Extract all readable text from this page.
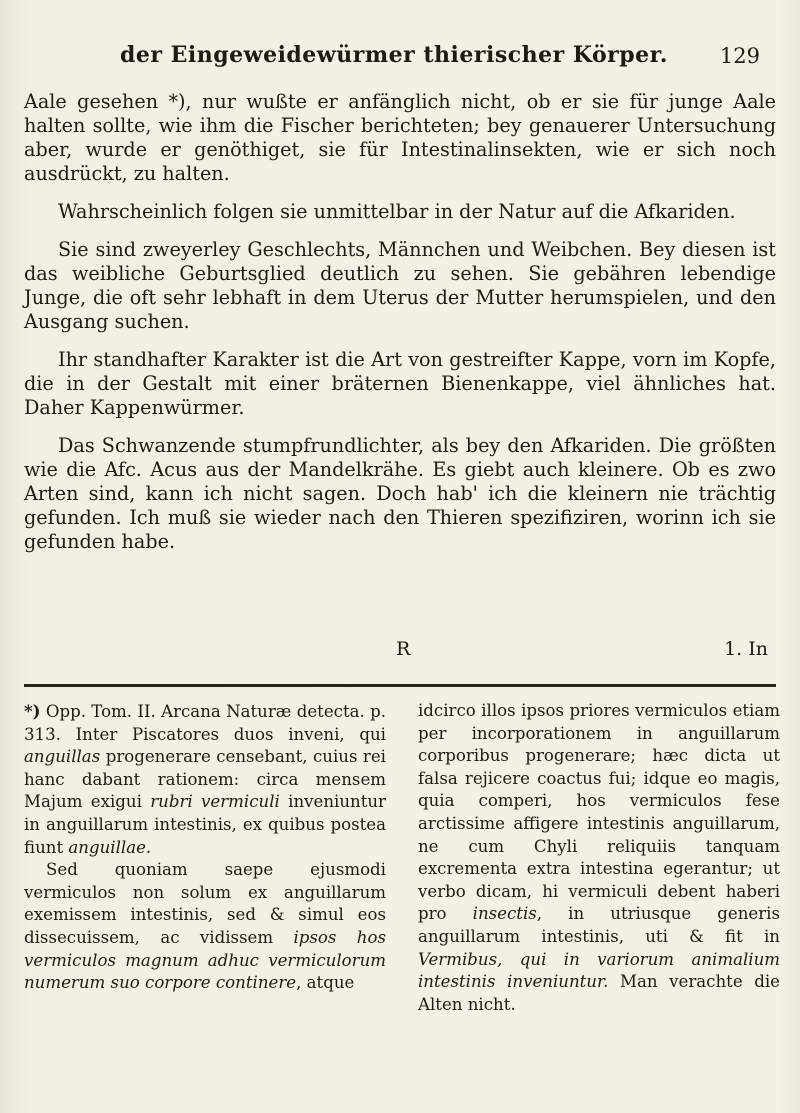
der Eingeweidewürmer thierischer Körper. 129

Aale gesehen *), nur wußte er anfänglich nicht, ob er sie für junge Aale halten sollte, wie ihm die Fischer berichteten; bey genauerer Untersuchung aber, wurde er genöthiget, sie für Intestinalinsekten, wie er sich noch ausdrückt, zu halten.

Wahrscheinlich folgen sie unmittelbar in der Natur auf die Afkariden.

Sie sind zweyerley Geschlechts, Männchen und Weibchen. Bey diesen ist das weibliche Geburtsglied deutlich zu sehen. Sie gebähren lebendige Junge, die oft sehr lebhaft in dem Uterus der Mutter herumspielen, und den Ausgang suchen.

Ihr standhafter Karakter ist die Art von gestreifter Kappe, vorn im Kopfe, die in der Gestalt mit einer bräternen Bienenkappe, viel ähnliches hat. Daher Kappenwürmer.

Das Schwanzende stumpfrundlichter, als bey den Afkariden. Die größten wie die Afc. Acus aus der Mandelkrähe. Es giebt auch kleinere. Ob es zwo Arten sind, kann ich nicht sagen. Doch hab' ich die kleinern nie trächtig gefunden. Ich muß sie wieder nach den Thieren spezifiziren, worinn ich sie gefunden habe.

R	1. In

*) Opp. Tom. II. Arcana Naturæ detecta. p. 313. Inter Piscatores duos inveni, qui anguillas progenerare censebant, cuius rei hanc dabant rationem: circa mensem Majum exigui rubri vermiculi inveniuntur in anguillarum intestinis, ex quibus postea fiunt anguillae.

Sed quoniam saepe ejusmodi vermiculos non solum ex anguillarum exemissem intestinis, sed & simul eos dissecuissem, ac vidissem ipsos hos vermiculos magnum adhuc vermiculorum numerum suo corpore continere, atque

idcirco illos ipsos priores vermiculos etiam per incorporationem in anguillarum corporibus progenerare; hæc dicta ut falsa rejicere coactus fui; idque eo magis, quia comperi, hos vermiculos fese arctissime affigere intestinis anguillarum, ne cum Chyli reliquiis tanquam excrementa extra intestina egerantur; ut verbo dicam, hi vermiculi debent haberi pro insectis, in utriusque generis anguillarum intestinis, uti & fit in Vermibus, qui in variorum animalium intestinis inveniuntur. Man verachte die Alten nicht.
